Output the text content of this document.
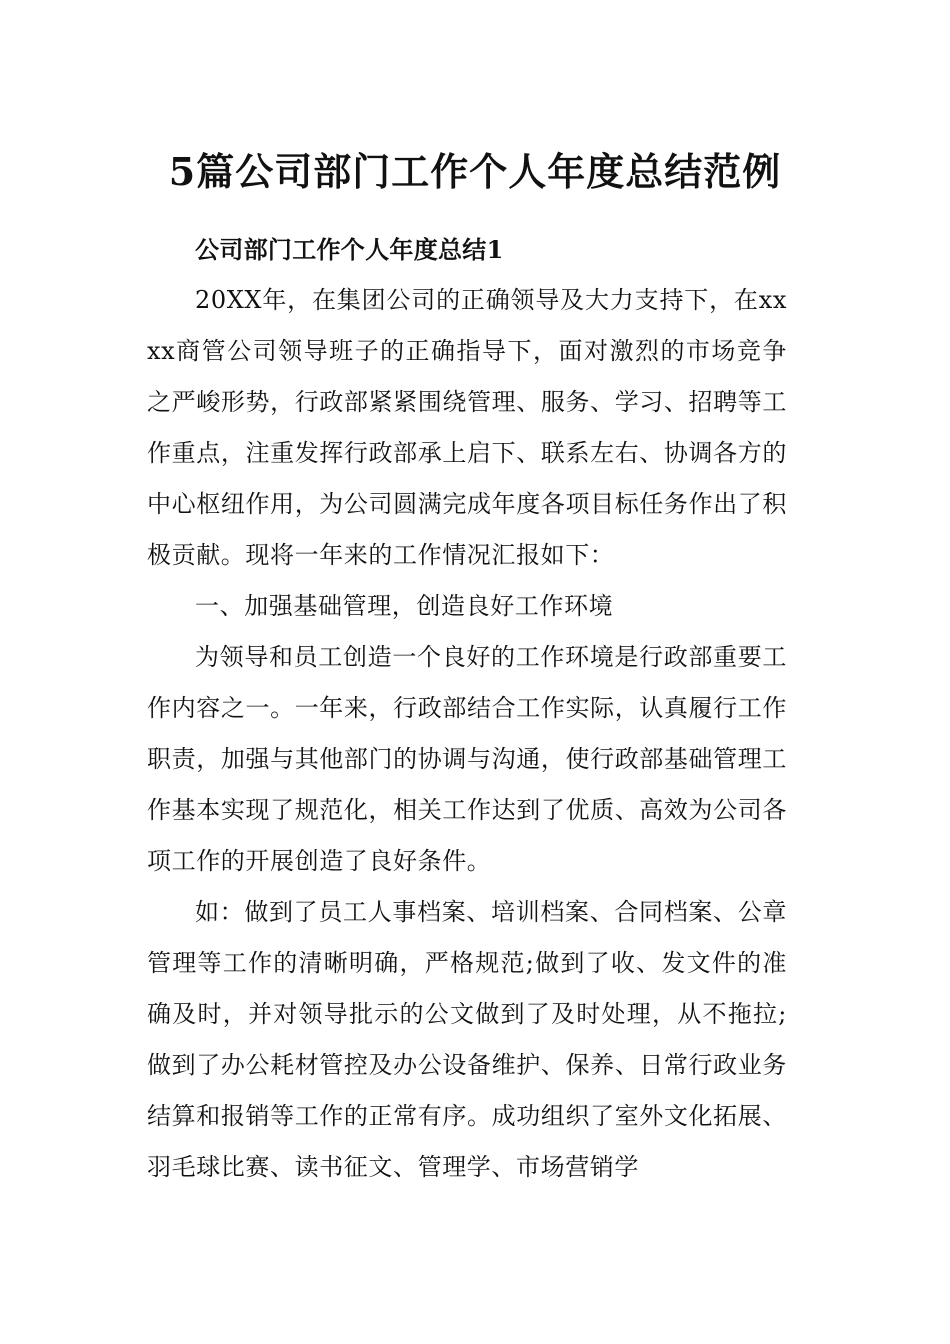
5篇公司部门工作个人年度总结范例

公司部门工作个人年度总结1

20XX年，在集团公司的正确领导及大力支持下，在xxxx商管公司领导班子的正确指导下，面对激烈的市场竞争之严峻形势，行政部紧紧围绕管理、服务、学习、招聘等工作重点，注重发挥行政部承上启下、联系左右、协调各方的中心枢纽作用，为公司圆满完成年度各项目标任务作出了积极贡献。现将一年来的工作情况汇报如下：

一、加强基础管理，创造良好工作环境

为领导和员工创造一个良好的工作环境是行政部重要工作内容之一。一年来，行政部结合工作实际，认真履行工作职责，加强与其他部门的协调与沟通，使行政部基础管理工作基本实现了规范化，相关工作达到了优质、高效为公司各项工作的开展创造了良好条件。

如：做到了员工人事档案、培训档案、合同档案、公章管理等工作的清晰明确，严格规范;做到了收、发文件的准确及时，并对领导批示的公文做到了及时处理，从不拖拉;做到了办公耗材管控及办公设备维护、保养、日常行政业务结算和报销等工作的正常有序。成功组织了室外文化拓展、羽毛球比赛、读书征文、管理学、市场营销学
